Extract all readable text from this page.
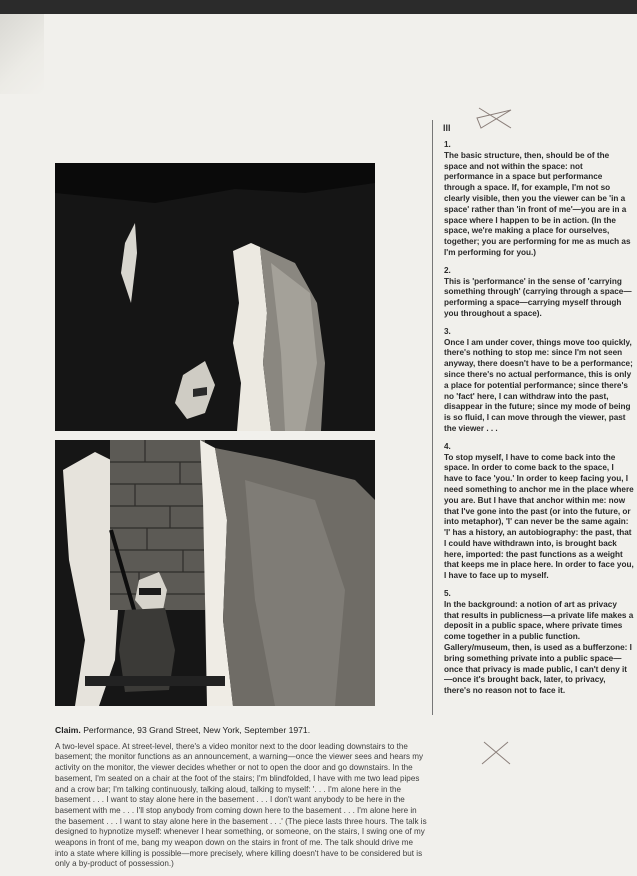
III
1.
The basic structure, then, should be of the space and not within the space: not performance in a space but performance through a space. If, for example, I'm not so clearly visible, then you the viewer can be 'in a space' rather than 'in front of me'—you are in a space where I happen to be in action. (In the space, we're making a place for ourselves, together; you are performing for me as much as I'm performing for you.)
2.
This is 'performance' in the sense of 'carrying something through' (carrying through a space—performing a space—carrying myself through you throughout a space).
3.
Once I am under cover, things move too quickly, there's nothing to stop me: since I'm not seen anyway, there doesn't have to be a performance; since there's no actual performance, this is only a place for potential performance; since there's no 'fact' here, I can withdraw into the past, disappear in the future; since my mode of being is so fluid, I can move through the viewer, past the viewer . . .
4.
To stop myself, I have to come back into the space. In order to come back to the space, I have to face 'you.' In order to keep facing you, I need something to anchor me in the place where you are. But I have that anchor within me: now that I've gone into the past (or into the future, or into metaphor), 'I' can never be the same again: 'I' has a history, an autobiography: the past, that I could have withdrawn into, is brought back here, imported: the past functions as a weight that keeps me in place here. In order to face you, I have to face up to myself.
5.
In the background: a notion of art as privacy that results in publicness—a private life makes a deposit in a public space, where private times come together in a public function. Gallery/museum, then, is used as a bufferzone: I bring something private into a public space—once that privacy is made public, I can't deny it—once it's brought back, later, to privacy, there's no reason not to face it.
Claim. Performance, 93 Grand Street, New York, September 1971.
A two-level space. At street-level, there's a video monitor next to the door leading downstairs to the basement; the monitor functions as an announcement, a warning—once the viewer sees and hears my activity on the monitor, the viewer decides whether or not to open the door and go downstairs. In the basement, I'm seated on a chair at the foot of the stairs; I'm blindfolded, I have with me two lead pipes and a crow bar; I'm talking continuously, talking aloud, talking to myself: '. . . I'm alone here in the basement . . . I want to stay alone here in the basement . . . I don't want anybody to be here in the basement with me . . . I'll stop anybody from coming down here to the basement . . . I'm alone here in the basement . . . I want to stay alone here in the basement . . .' (The piece lasts three hours. The talk is designed to hypnotize myself: whenever I hear something, or someone, on the stairs, I swing one of my weapons in front of me, bang my weapon down on the stairs in front of me. The talk should drive me into a state where killing is possible—more precisely, where killing doesn't have to be considered but is only a by-product of possession.)
